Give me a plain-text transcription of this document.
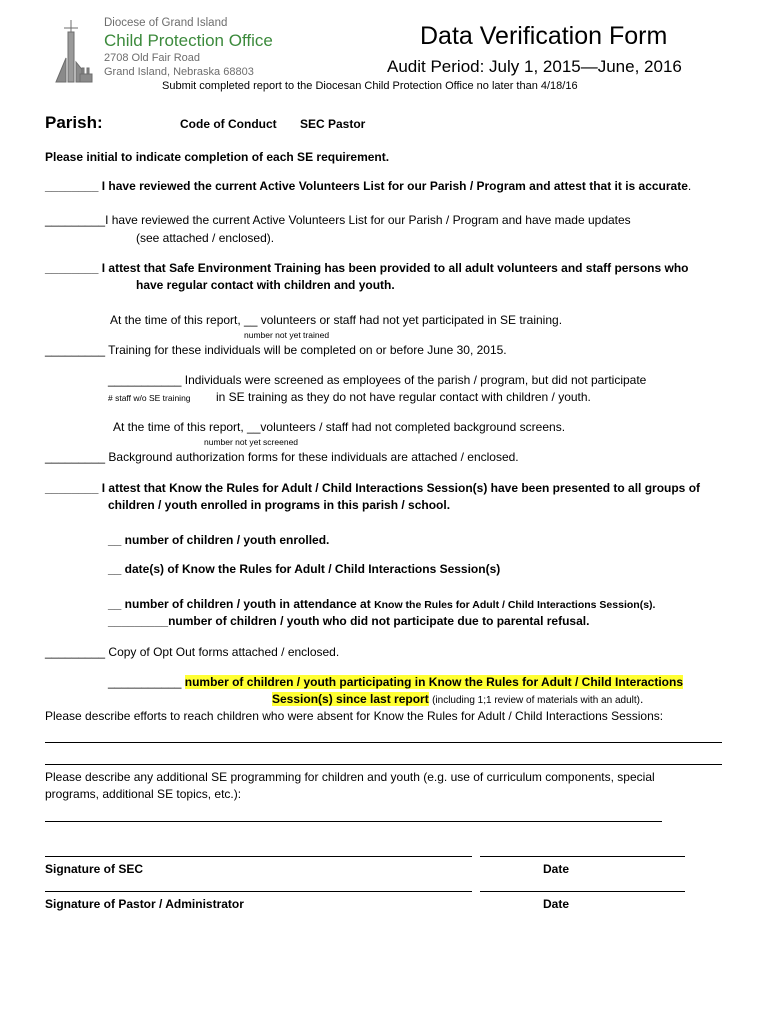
Diocese of Grand Island
Child Protection Office
2708 Old Fair Road
Grand Island, Nebraska 68803
Data Verification Form
Audit Period: July 1, 2015—June, 2016
Submit completed report to the Diocesan Child Protection Office no later than 4/18/16
Parish:	Code of Conduct SEC Pastor
Please initial to indicate completion of each SE requirement.
________ I have reviewed the current Active Volunteers List for our Parish / Program and attest that it is accurate.
_________I have reviewed the current Active Volunteers List for our Parish / Program and have made updates
(see attached / enclosed).
________ I attest that Safe Environment Training has been provided to all adult volunteers and staff persons who
have regular contact with children and youth.
At the time of this report, __ volunteers or staff had not yet participated in SE training.
number not yet trained
_________ Training for these individuals will be completed on or before June 30, 2015.
___________ Individuals were screened as employees of the parish / program, but did not participate
# staff w/o SE training in SE training as they do not have regular contact with children / youth.
At the time of this report, __volunteers / staff had not completed background screens.
number not yet screened
_________ Background authorization forms for these individuals are attached / enclosed.
________ I attest that Know the Rules for Adult / Child Interactions Session(s) have been presented to all groups of
children / youth enrolled in programs in this parish / school.
__ number of children / youth enrolled.
__ date(s) of Know the Rules for Adult / Child Interactions Session(s)
__ number of children / youth in attendance at Know the Rules for Adult / Child Interactions Session(s).
_________number of children / youth who did not participate due to parental refusal.
_________ Copy of Opt Out forms attached / enclosed.
___________ number of children / youth participating in Know the Rules for Adult / Child Interactions
Session(s) since last report (including 1;1 review of materials with an adult).
Please describe efforts to reach children who were absent for Know the Rules for Adult / Child Interactions Sessions:
Please describe any additional SE programming for children and youth (e.g. use of curriculum components, special
programs, additional SE topics, etc.):
Signature of SEC	Date
Signature of Pastor / Administrator	Date
